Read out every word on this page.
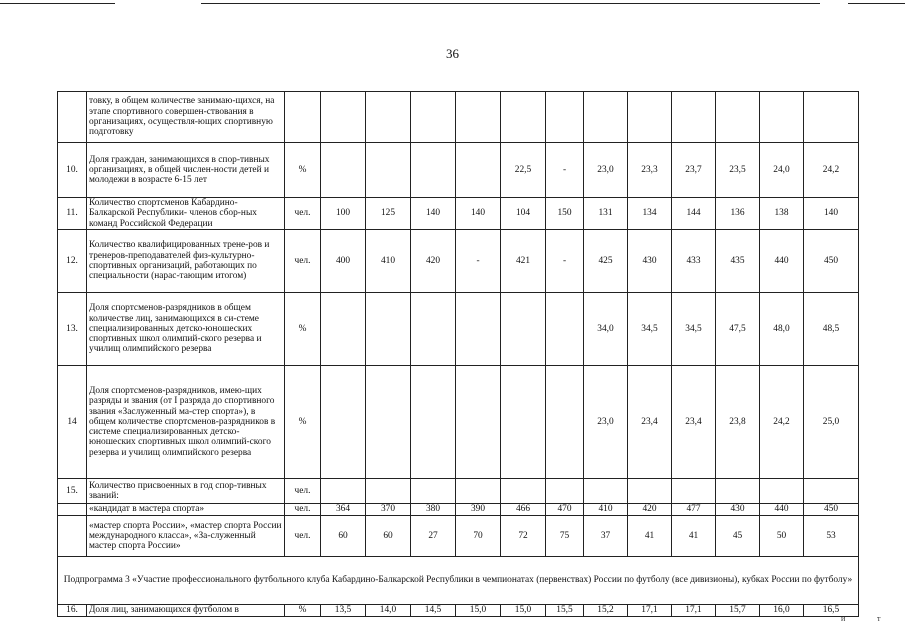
36
	товку, в общем количестве занимаю-щихся, на этапе спортивного совершен-ствования в организациях, осуществля-ющих спортивную подготовку													
10.	Доля граждан, занимающихся в спор-тивных организациях, в общей числен-ности детей и молодежи в возрасте 6-15 лет	%					22,5	-	23,0	23,3	23,7	23,5	24,0	24,2
11.	Количество спортсменов Кабардино-Балкарской Республики- членов сбор-ных команд Российской Федерации	чел.	100	125	140	140	104	150	131	134	144	136	138	140
12.	Количество квалифицированных трене-ров и тренеров-преподавателей физ-культурно-спортивных организаций, работающих по специальности (нарас-тающим итогом)	чел.	400	410	420	-	421	-	425	430	433	435	440	450
13.	Доля спортсменов-разрядников в общем количестве лиц, занимающихся в си-стеме специализированных детско-юношеских спортивных школ олимпий-ского резерва и училищ олимпийского резерва	%							34,0	34,5	34,5	47,5	48,0	48,5
14	Доля спортсменов-разрядников, имею-щих разряды и звания (от I разряда до спортивного звания «Заслуженный ма-стер спорта»), в общем количестве спортсменов-разрядников в системе специализированных детско-юношеских спортивных школ олимпий-ского резерва и училищ олимпийского резерва	%							23,0	23,4	23,4	23,8	24,2	25,0
15.	Количество присвоенных в год спор-тивных званий:	чел.												
	«кандидат в мастера спорта»	чел.	364	370	380	390	466	470	410	420	477	430	440	450
	«мастер спорта России», «мастер спорта России международного класса», «За-служенный мастер спорта России»	чел.	60	60	27	70	72	75	37	41	41	45	50	53
Подпрограмма 3 «Участие профессионального футбольного клуба Кабардино-Балкарской Республики в чемпионатах (первенствах) России по футболу (все дивизионы), кубках России по футболу»														
16.	Доля лиц, занимающихся футболом в	%	13,5	14,0	14,5	15,0	15,0	15,5	15,2	17,1	17,1	15,7	16,0	16,5
и	т
